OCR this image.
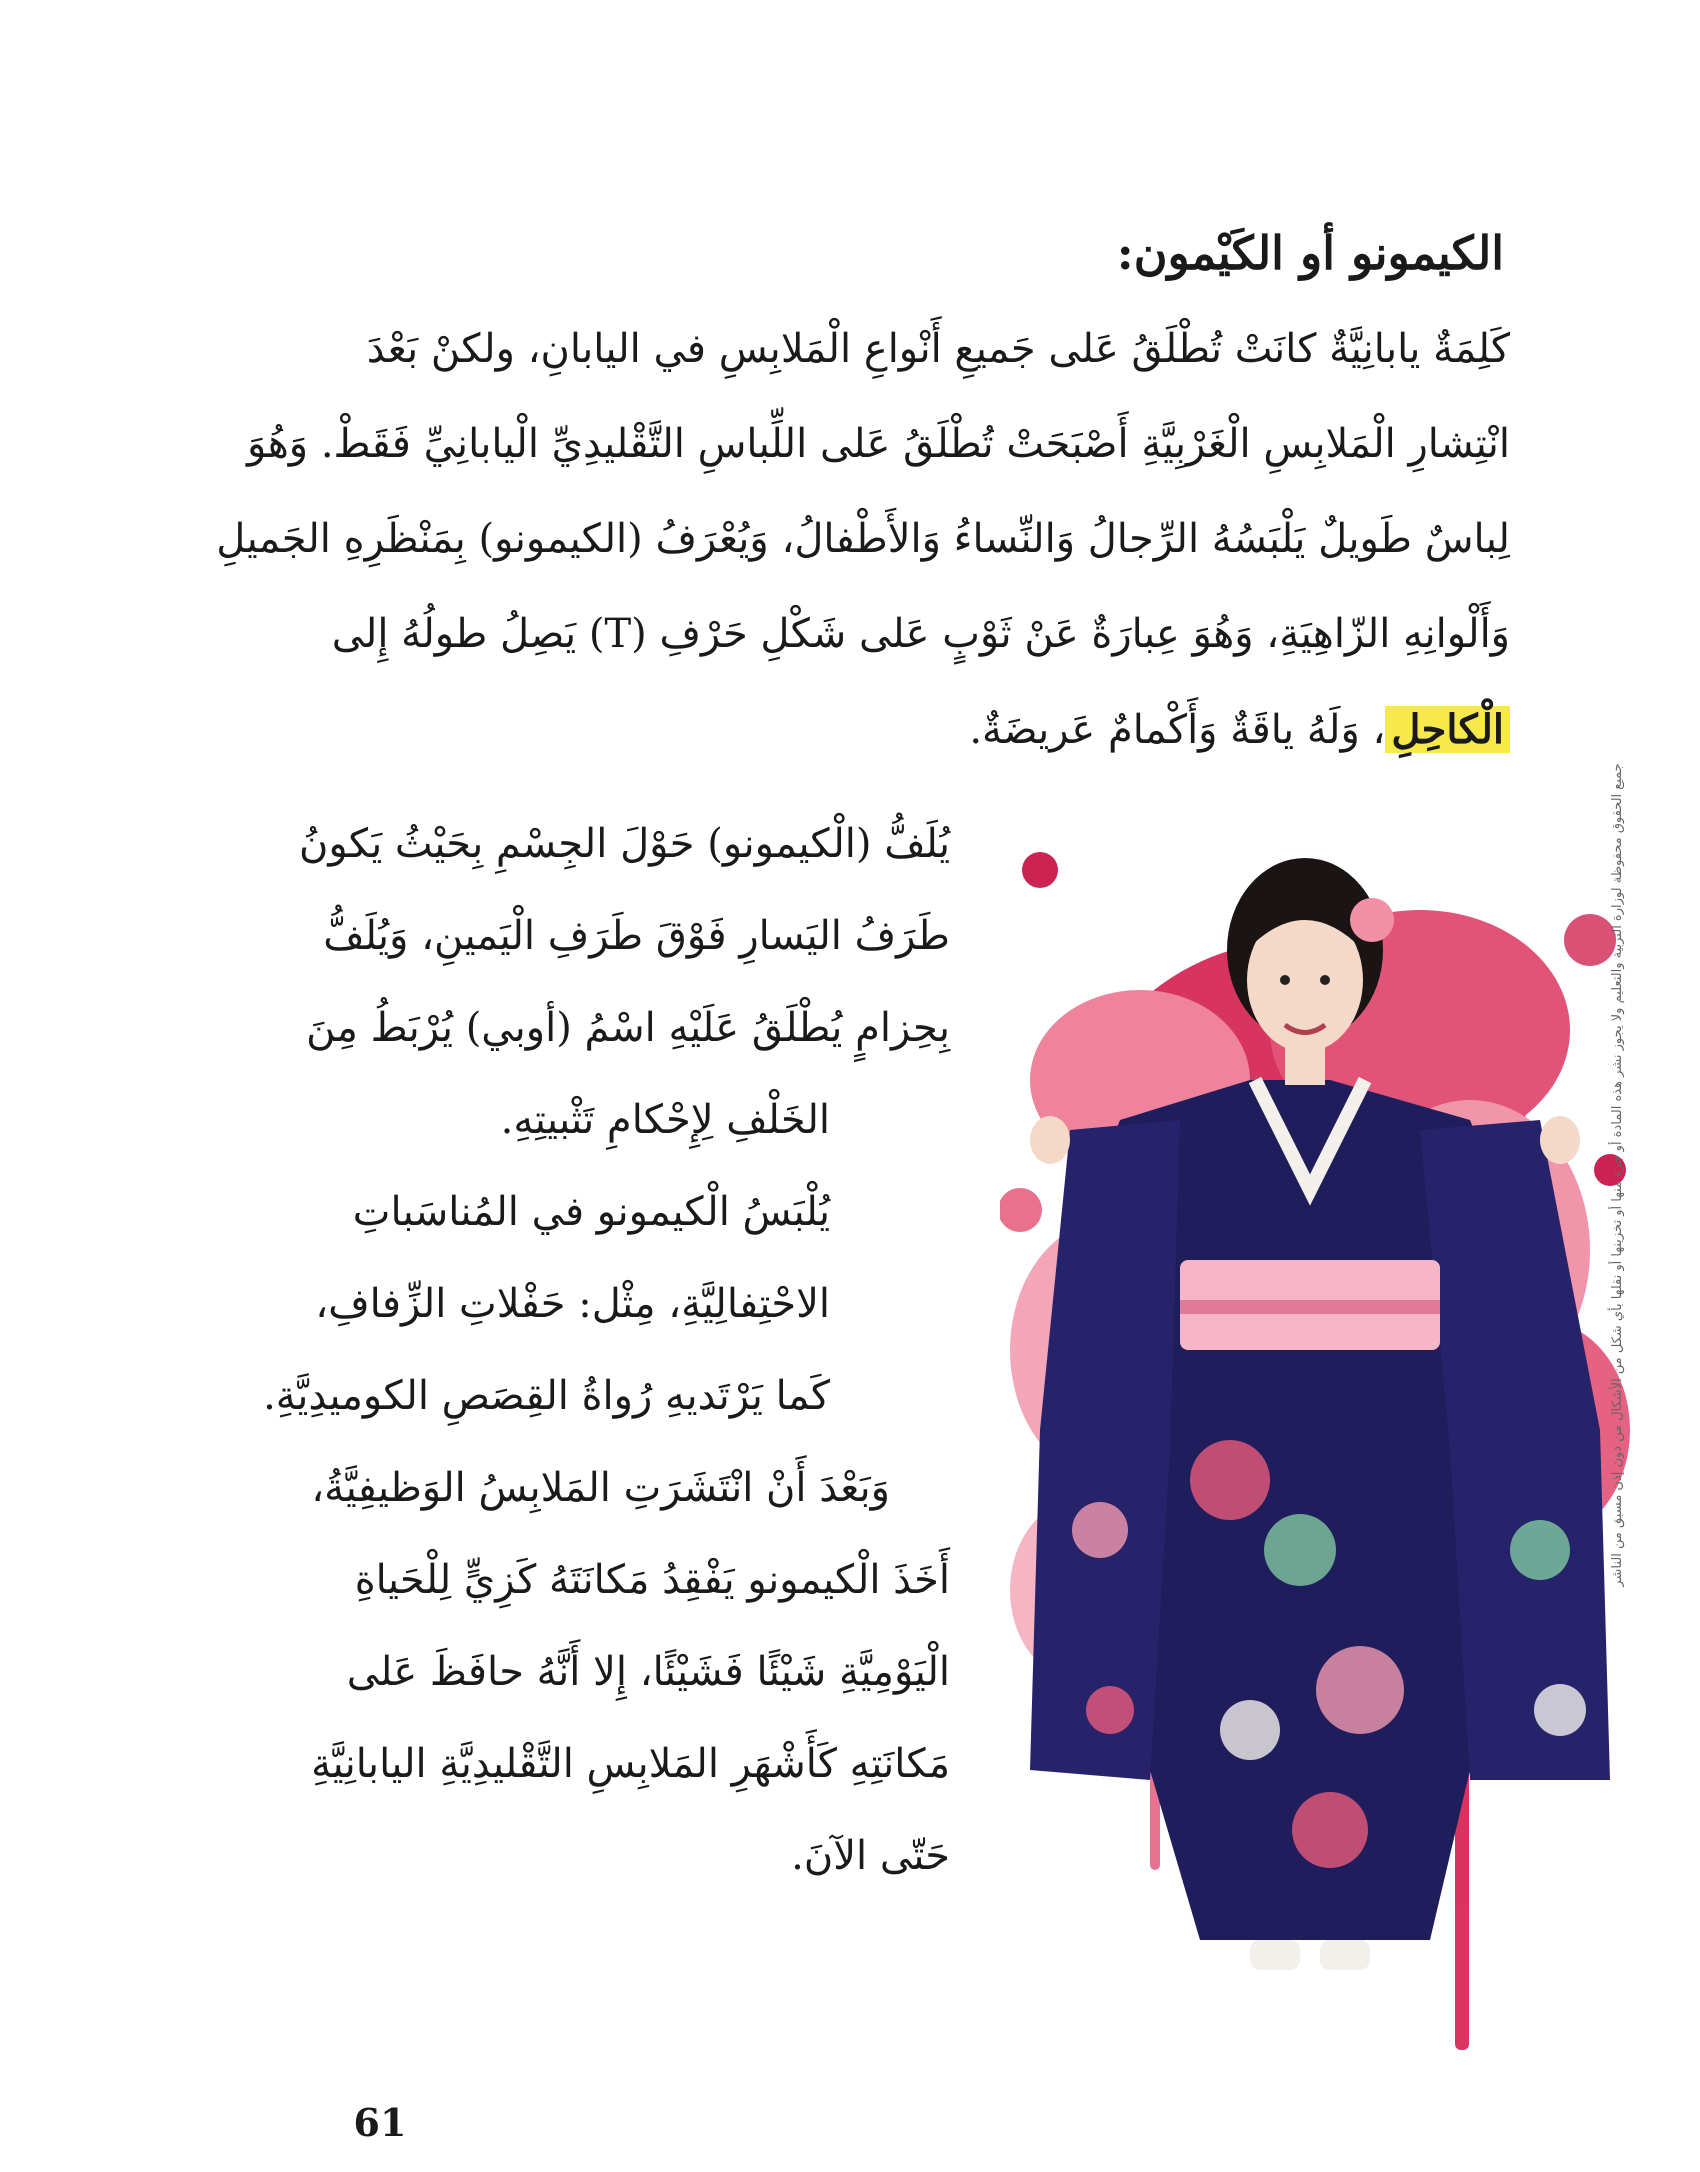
الكيمونو أو الكَيْمون:
كَلِمَةٌ يابانِيَّةٌ كانَتْ تُطْلَقُ عَلى جَميعِ أَنْواعِ الْمَلابِسِ في اليابانِ، ولكنْ بَعْدَ
انْتِشارِ الْمَلابِسِ الْغَرْبِيَّةِ أَصْبَحَتْ تُطْلَقُ عَلى اللِّباسِ التَّقْليدِيِّ الْيابانِيِّ فَقَطْ. وَهُوَ
لِباسٌ طَويلٌ يَلْبَسُهُ الرِّجالُ وَالنِّساءُ وَالأَطْفالُ، وَيُعْرَفُ (الكيمونو) بِمَنْظَرِهِ الجَميلِ
وَأَلْوانِهِ الزّاهِيَةِ، وَهُوَ عِبارَةٌ عَنْ ثَوْبٍ عَلى شَكْلِ حَرْفِ (T) يَصِلُ طولُهُ إِلى
الْكاحِلِ، وَلَهُ ياقَةٌ وَأَكْمامٌ عَريضَةٌ.
يُلَفُّ (الْكيمونو) حَوْلَ الجِسْمِ بِحَيْثُ يَكونُ
طَرَفُ اليَسارِ فَوْقَ طَرَفِ الْيَمينِ، وَيُلَفُّ
بِحِزامٍ يُطْلَقُ عَلَيْهِ اسْمُ (أوبي) يُرْبَطُ مِنَ
الخَلْفِ لِإِحْكامِ تَثْبيتِهِ.
يُلْبَسُ الْكيمونو في المُناسَباتِ
الاحْتِفالِيَّةِ، مِثْل: حَفْلاتِ الزِّفافِ،
كَما يَرْتَديهِ رُواةُ القِصَصِ الكوميدِيَّةِ.
وَبَعْدَ أَنْ انْتَشَرَتِ المَلابِسُ الوَظيفِيَّةُ،
أَخَذَ الْكيمونو يَفْقِدُ مَكانَتَهُ كَزِيٍّ لِلْحَياةِ
الْيَوْمِيَّةِ شَيْئًا فَشَيْئًا، إِلا أَنَّهُ حافَظَ عَلى
مَكانَتِهِ كَأَشْهَرِ المَلابِسِ التَّقْليدِيَّةِ اليابانِيَّةِ
حَتّى الآنَ.
جميع الحقوق محفوظة لوزارة التربية والتعليم ولا يجوز نشر هذه المادة أو جزء منها أو تخزينها أو نقلها بأي شكل من الأشكال من دون إذن مسبق من الناشر
61
